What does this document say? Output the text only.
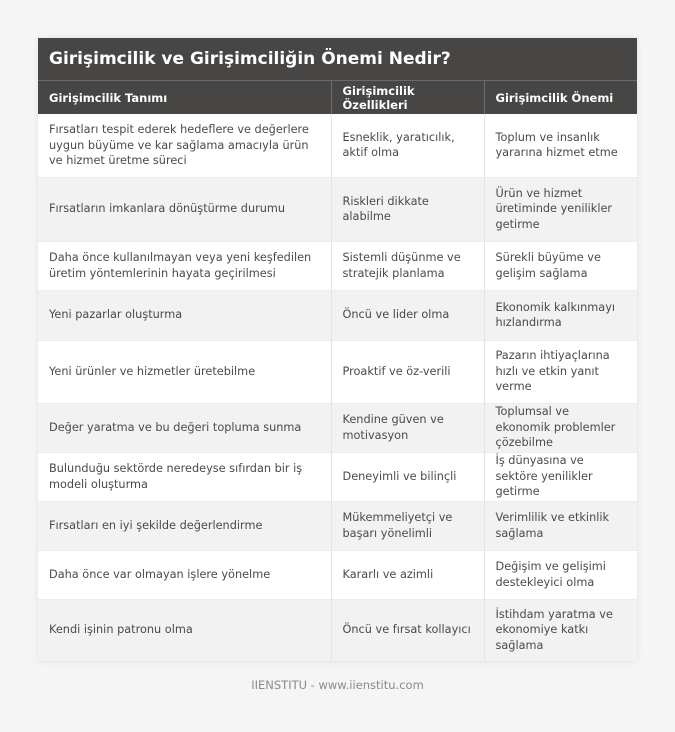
Girişimcilik ve Girişimciliğin Önemi Nedir?
Girişimcilik Tanımı	Girişimcilik Özellikleri	Girişimcilik Önemi
Fırsatları tespit ederek hedeflere ve değerlere uygun büyüme ve kar sağlama amacıyla ürün ve hizmet üretme süreci	Esneklik, yaratıcılık, aktif olma	Toplum ve insanlık yararına hizmet etme
Fırsatların imkanlara dönüştürme durumu	Riskleri dikkate alabilme	Ürün ve hizmet üretiminde yenilikler getirme
Daha önce kullanılmayan veya yeni keşfedilen üretim yöntemlerinin hayata geçirilmesi	Sistemli düşünme ve stratejik planlama	Sürekli büyüme ve gelişim sağlama
Yeni pazarlar oluşturma	Öncü ve lider olma	Ekonomik kalkınmayı hızlandırma
Yeni ürünler ve hizmetler üretebilme	Proaktif ve öz-verili	Pazarın ihtiyaçlarına hızlı ve etkin yanıt verme
Değer yaratma ve bu değeri topluma sunma	Kendine güven ve motivasyon	Toplumsal ve ekonomik problemler çözebilme
Bulunduğu sektörde neredeyse sıfırdan bir iş modeli oluşturma	Deneyimli ve bilinçli	İş dünyasına ve sektöre yenilikler getirme
Fırsatları en iyi şekilde değerlendirme	Mükemmeliyetçi ve başarı yönelimli	Verimlilik ve etkinlik sağlama
Daha önce var olmayan işlere yönelme	Kararlı ve azimli	Değişim ve gelişimi destekleyici olma
Kendi işinin patronu olma	Öncü ve fırsat kollayıcı	İstihdam yaratma ve ekonomiye katkı sağlama
IIENSTITU - www.iienstitu.com
